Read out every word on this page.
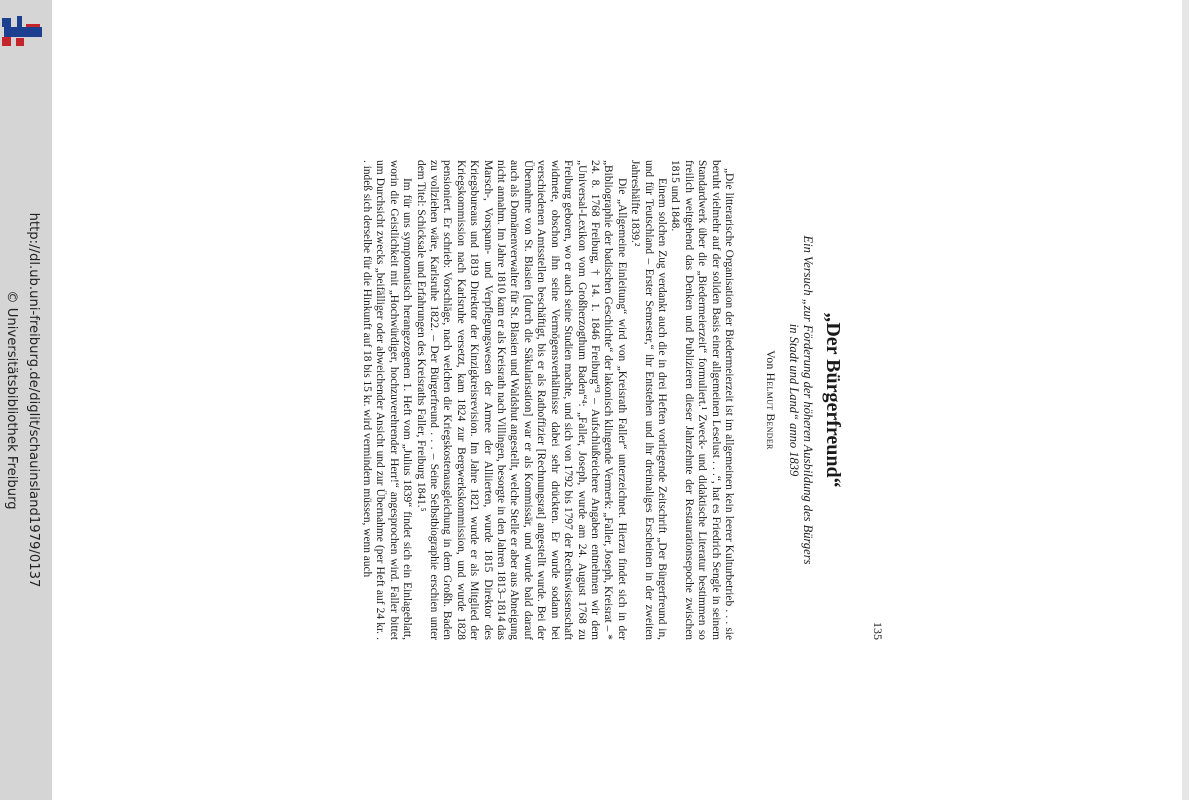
http://dl.ub.uni-freiburg.de/diglit/schauinsland1979/0137
© Universitätsbibliothek Freiburg
135
„Der Bürgerfreund“
Ein Versuch „zur Förderung der höheren Ausbildung des Bürgers
in Stadt und Land“ anno 1839
Von Helmut Bender

„Die litterarische Organisation der Biedermeierzeit ist im allgemeinen kein leerer Kulturbetrieb . . . sie beruht vielmehr auf der soliden Basis einer allgemeinen Leselust . . .“, hat es Friedrich Sengle in seinem Standardwerk über die „Biedermeierzeit“ formuliert.¹ Zweck- und didaktische Literatur bestimmen so freilich weitgehend das Denken und Publizieren dieser Jahrzehnte der Restaurationsepoche zwischen 1815 und 1848.

Einem solchen Zug verdankt auch die in drei Heften vorliegende Zeitschrift „Der Bürgerfreund in, und für Teutschland – Erster Semester,“ ihr Entstehen und ihr dreimaliges Erscheinen in der zweiten Jahreshälfte 1839.²

Die „Allgemeine Einleitung“ wird von „Kreisrath Faller“ unterzeichnet. Hierzu findet sich in der „Bibliographie der badischen Geschichte“ der lakonisch klingende Vermerk: „Faller, Joseph, Kreisrat – * 24. 8. 1768 Freiburg, † 14. 1. 1846 Freiburg“³ – Aufschlußreichere Angaben entnehmen wir dem „Universal-Lexikon vom Großherzogthum Baden“⁴: „Faller, Joseph, wurde am 24. August 1768 zu Freiburg geboren, wo er auch seine Studien machte, und sich von 1792 bis 1797 der Rechtswissenschaft widmete, obschon ihn seine Vermögensverhältnisse dabei sehr drückten. Er wurde sodann bei verschiedenen Amtsstellen beschäftigt, bis er als Rathoffizier [Rechnungsrat] angestellt wurde. Bei der Übernahme von St. Blasien [durch die Säkularisation] war er als Kommissär, und wurde bald darauf auch als Domänenverwalter für St. Blasien und Waldshut angestellt, welche Stelle er aber aus Abneigung nicht annahm. Im Jahre 1810 kam er als Kreisrath nach Villingen, besorgte in den Jahren 1813–1814 das Marsch-, Vorspann- und Verpflegungswesen der Armee der Alliierten, wurde 1815 Direktor des Kriegsbureaus und 1819 Direktor der Kinzigkreisrevision. Im Jahre 1821 wurde er als Mitglied der Kriegskommission nach Karlsruhe versetzt, kam 1824 zur Bergwerkskommission, und wurde 1828 pensioniert. Er schrieb: Vorschläge, nach welchen die Kriegskostenausgleichung in dem Großh. Baden zu vollziehen wäre, Karlsruhe 1822. – Der Bürgerfreund . . . – Seine Selbstbiographie erschien unter dem Titel: Schicksale und Erfahrungen des Kreisraths Faller, Freiburg 1841.⁵

Im für uns symptomatisch herangezogenen 1. Heft vom „Julius 1839“ findet sich ein Einlageblatt, worin die Geistlichkeit mit „Hochwürdiger, hochzuverehrender Herr!“ angesprochen wird. Faller bittet um Durchsicht zwecks „beifälliger oder abweichender Ansicht und zur Übernahme (per Heft auf 24 kr. . . indeß sich derselbe für die Hinkunft auf 18 bis 15 kr. wird vermindern müssen, wenn auch
